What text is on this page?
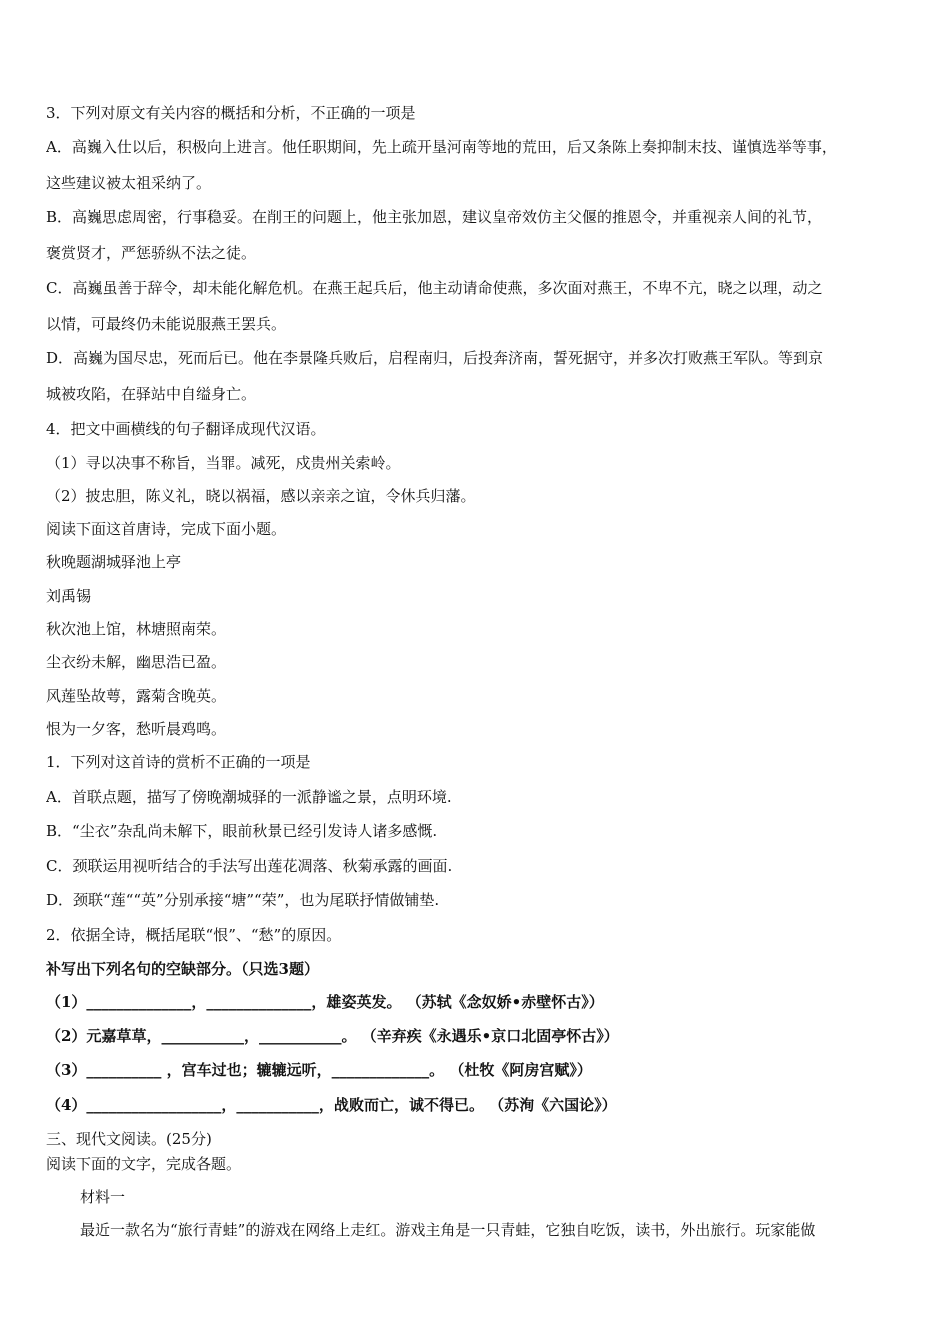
3．下列对原文有关内容的概括和分析，不正确的一项是
A．高巍入仕以后，积极向上进言。他任职期间，先上疏开垦河南等地的荒田，后又条陈上奏抑制末技、谨慎选举等事，
这些建议被太祖采纳了。
B．高巍思虑周密，行事稳妥。在削王的问题上，他主张加恩，建议皇帝效仿主父偃的推恩令，并重视亲人间的礼节，
褒赏贤才，严惩骄纵不法之徒。
C．高巍虽善于辞令，却未能化解危机。在燕王起兵后，他主动请命使燕，多次面对燕王，不卑不亢，晓之以理，动之
以情，可最终仍未能说服燕王罢兵。
D．高巍为国尽忠，死而后已。他在李景隆兵败后，启程南归，后投奔济南，誓死据守，并多次打败燕王军队。等到京
城被攻陷，在驿站中自缢身亡。
4．把文中画横线的句子翻译成现代汉语。
（1）寻以决事不称旨，当罪。减死，戍贵州关索岭。
（2）披忠胆，陈义礼，晓以祸福，感以亲亲之谊，令休兵归藩。
阅读下面这首唐诗，完成下面小题。
秋晚题湖城驿池上亭
刘禹锡
秋次池上馆，林塘照南荣。
尘衣纷未解，幽思浩已盈。
风莲坠故萼，露菊含晚英。
恨为一夕客，愁听晨鸡鸣。
1．下列对这首诗的赏析不正确的一项是
A．首联点题，描写了傍晚潮城驿的一派静谧之景，点明环境.
B．“尘衣”杂乱尚未解下，眼前秋景已经引发诗人诸多感慨.
C．颈联运用视听结合的手法写出莲花凋落、秋菊承露的画面.
D．颈联“莲““英”分别承接“塘”“荣”，也为尾联抒情做铺垫.
2．依据全诗，概括尾联“恨”、“愁”的原因。
补写出下列名句的空缺部分。（只选3题）
（1）______________，______________，雄姿英发。 （苏轼《念奴娇•赤壁怀古》）
（2）元嘉草草，___________，___________。 （辛弃疾《永遇乐•京口北固亭怀古》）
（3）__________ ，宫车过也；辘辘远听，_____________。 （杜牧《阿房宫赋》）
（4）__________________，___________，战败而亡，诚不得已。 （苏洵《六国论》）
三、现代文阅读。(25分)
阅读下面的文字，完成各题。
材料一
最近一款名为“旅行青蛙”的游戏在网络上走红。游戏主角是一只青蛙，它独自吃饭，读书，外出旅行。玩家能做
